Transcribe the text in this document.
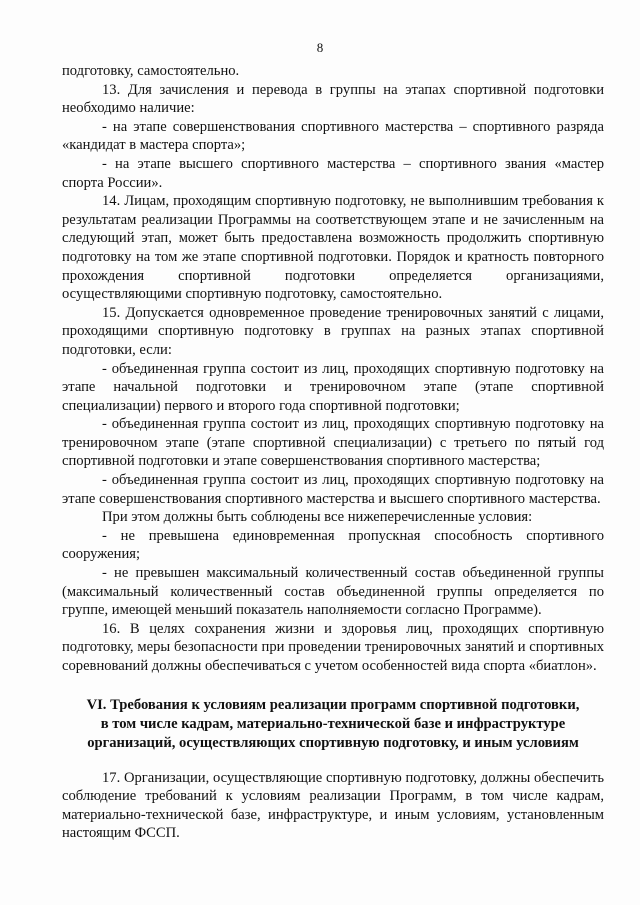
8

подготовку, самостоятельно.

13. Для зачисления и перевода в группы на этапах спортивной подготовки необходимо наличие:

- на этапе совершенствования спортивного мастерства – спортивного разряда «кандидат в мастера спорта»;

- на этапе высшего спортивного мастерства – спортивного звания «мастер спорта России».

14. Лицам, проходящим спортивную подготовку, не выполнившим требования к результатам реализации Программы на соответствующем этапе и не зачисленным на следующий этап, может быть предоставлена возможность продолжить спортивную подготовку на том же этапе спортивной подготовки. Порядок и кратность повторного прохождения спортивной подготовки определяется организациями, осуществляющими спортивную подготовку, самостоятельно.

15. Допускается одновременное проведение тренировочных занятий с лицами, проходящими спортивную подготовку в группах на разных этапах спортивной подготовки, если:

- объединенная группа состоит из лиц, проходящих спортивную подготовку на этапе начальной подготовки и тренировочном этапе (этапе спортивной специализации) первого и второго года спортивной подготовки;

- объединенная группа состоит из лиц, проходящих спортивную подготовку на тренировочном этапе (этапе спортивной специализации) с третьего по пятый год спортивной подготовки и этапе совершенствования спортивного мастерства;

- объединенная группа состоит из лиц, проходящих спортивную подготовку на этапе совершенствования спортивного мастерства и высшего спортивного мастерства.

При этом должны быть соблюдены все нижеперечисленные условия:

- не превышена единовременная пропускная способность спортивного сооружения;

- не превышен максимальный количественный состав объединенной группы (максимальный количественный состав объединенной группы определяется по группе, имеющей меньший показатель наполняемости согласно Программе).

16. В целях сохранения жизни и здоровья лиц, проходящих спортивную подготовку, меры безопасности при проведении тренировочных занятий и спортивных соревнований должны обеспечиваться с учетом особенностей вида спорта «биатлон».

VI. Требования к условиям реализации программ спортивной подготовки,
в том числе кадрам, материально-технической базе и инфраструктуре
организаций, осуществляющих спортивную подготовку, и иным условиям

17. Организации, осуществляющие спортивную подготовку, должны обеспечить соблюдение требований к условиям реализации Программ, в том числе кадрам, материально-технической базе, инфраструктуре, и иным условиям, установленным настоящим ФССП.
